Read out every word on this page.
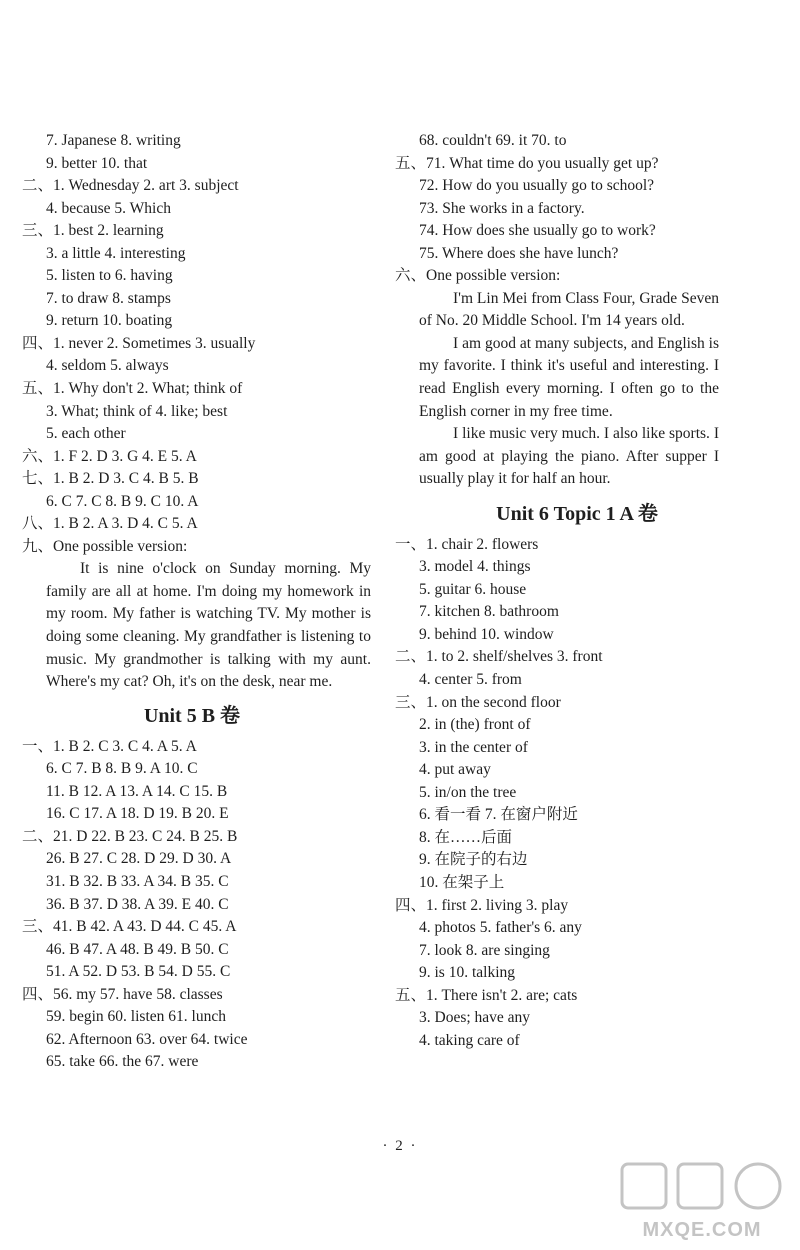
7. Japanese 8. writing
9. better 10. that
二、1. Wednesday 2. art 3. subject
4. because 5. Which
三、1. best 2. learning
3. a little 4. interesting
5. listen to 6. having
7. to draw 8. stamps
9. return 10. boating
四、1. never 2. Sometimes 3. usually
4. seldom 5. always
五、1. Why don't 2. What; think of
3. What; think of 4. like; best
5. each other
六、1. F 2. D 3. G 4. E 5. A
七、1. B 2. D 3. C 4. B 5. B
6. C 7. C 8. B 9. C 10. A
八、1. B 2. A 3. D 4. C 5. A
九、One possible version:
It is nine o'clock on Sunday morning. My family are all at home. I'm doing my homework in my room. My father is watching TV. My mother is doing some cleaning. My grandfather is listening to music. My grandmother is talking with my aunt. Where's my cat? Oh, it's on the desk, near me.
Unit 5 B 卷
一、1. B 2. C 3. C 4. A 5. A
6. C 7. B 8. B 9. A 10. C
11. B 12. A 13. A 14. C 15. B
16. C 17. A 18. D 19. B 20. E
二、21. D 22. B 23. C 24. B 25. B
26. B 27. C 28. D 29. D 30. A
31. B 32. B 33. A 34. B 35. C
36. B 37. D 38. A 39. E 40. C
三、41. B 42. A 43. D 44. C 45. A
46. B 47. A 48. B 49. B 50. C
51. A 52. D 53. B 54. D 55. C
四、56. my 57. have 58. classes
59. begin 60. listen 61. lunch
62. Afternoon 63. over 64. twice
65. take 66. the 67. were
68. couldn't 69. it 70. to
五、71. What time do you usually get up?
72. How do you usually go to school?
73. She works in a factory.
74. How does she usually go to work?
75. Where does she have lunch?
六、One possible version:
I'm Lin Mei from Class Four, Grade Seven of No. 20 Middle School. I'm 14 years old.
I am good at many subjects, and English is my favorite. I think it's useful and interesting. I read English every morning. I often go to the English corner in my free time.
I like music very much. I also like sports. I am good at playing the piano. After supper I usually play it for half an hour.
Unit 6 Topic 1 A 卷
一、1. chair 2. flowers
3. model 4. things
5. guitar 6. house
7. kitchen 8. bathroom
9. behind 10. window
二、1. to 2. shelf/shelves 3. front
4. center 5. from
三、1. on the second floor
2. in (the) front of
3. in the center of
4. put away
5. in/on the tree
6. 看一看 7. 在窗户附近
8. 在……后面
9. 在院子的右边
10. 在架子上
四、1. first 2. living 3. play
4. photos 5. father's 6. any
7. look 8. are singing
9. is 10. talking
五、1. There isn't 2. are; cats
3. Does; have any
4. taking care of
· 2 ·
MXQE.COM
